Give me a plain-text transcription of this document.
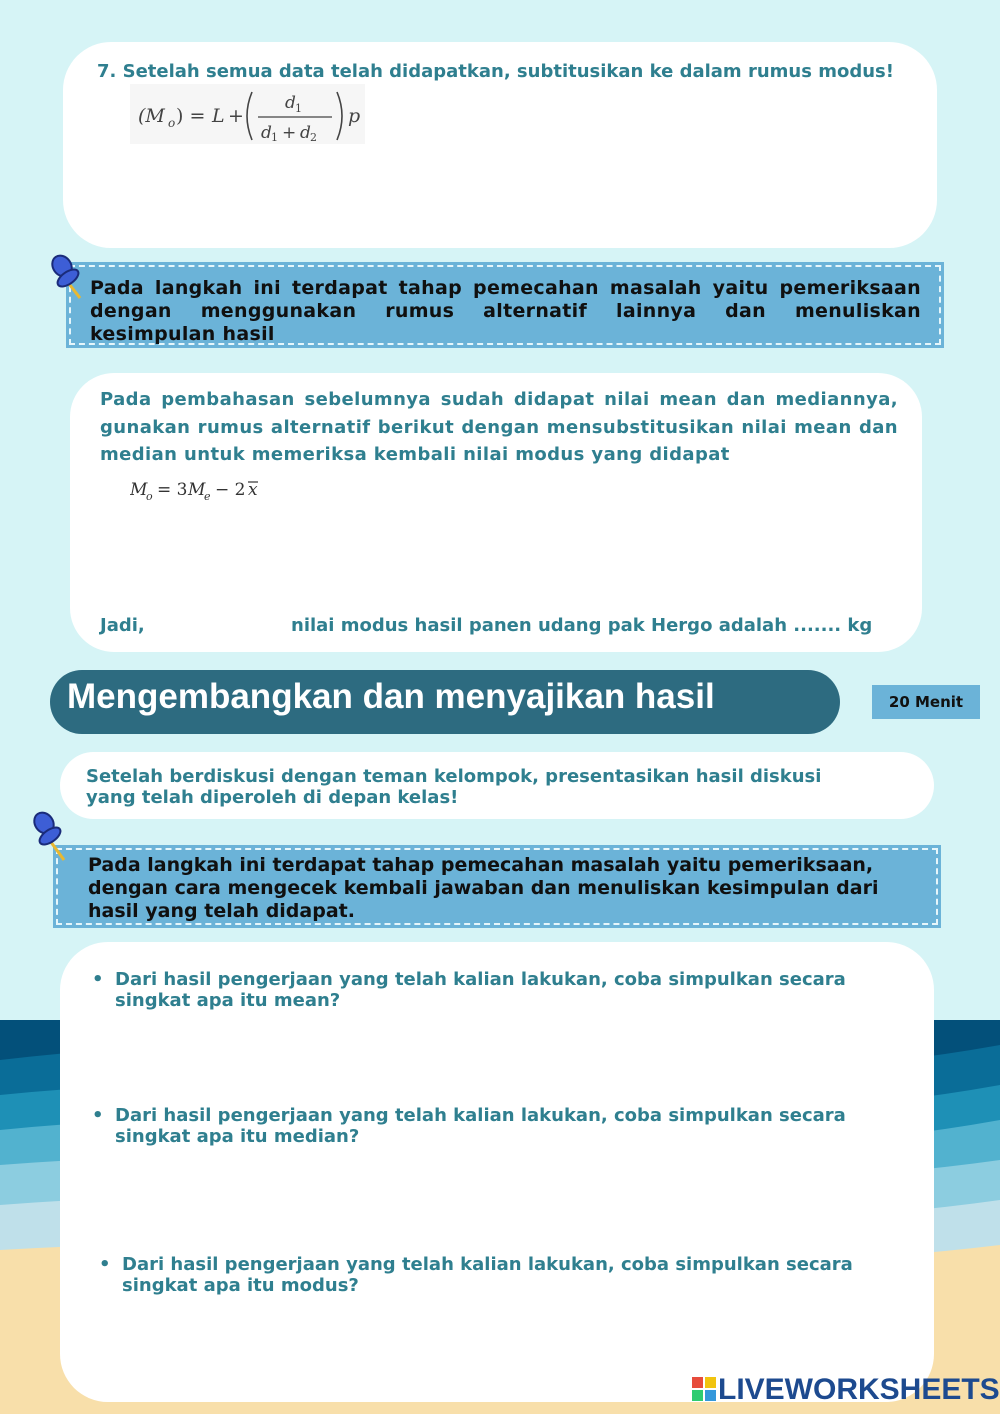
7. Setelah semua data telah didapatkan, subtitusikan ke dalam rumus modus!
(M o ) = L +
d 1
d 1 + d 2
p
Pada langkah ini terdapat tahap pemecahan masalah yaitu pemeriksaan dengan menggunakan rumus alternatif lainnya dan menuliskan kesimpulan hasil
Pada pembahasan sebelumnya sudah didapat nilai mean dan mediannya, gunakan rumus alternatif berikut dengan mensubstitusikan nilai mean dan median untuk memeriksa kembali nilai modus yang didapat
M
o = 3 M
e − 2 x
Jadi,	nilai modus hasil panen udang pak Hergo adalah ....... kg
Mengembangkan dan menyajikan hasil	20 Menit
Setelah berdiskusi dengan teman kelompok, presentasikan hasil diskusi yang telah diperoleh di depan kelas!
Pada langkah ini terdapat tahap pemecahan masalah yaitu pemeriksaan, dengan cara mengecek kembali jawaban dan menuliskan kesimpulan dari hasil yang telah didapat.
• Dari hasil pengerjaan yang telah kalian lakukan, coba simpulkan secara
singkat apa itu mean?
• Dari hasil pengerjaan yang telah kalian lakukan, coba simpulkan secara
singkat apa itu median?
• Dari hasil pengerjaan yang telah kalian lakukan, coba simpulkan secara
singkat apa itu modus?
LIVEWORKSHEETS
